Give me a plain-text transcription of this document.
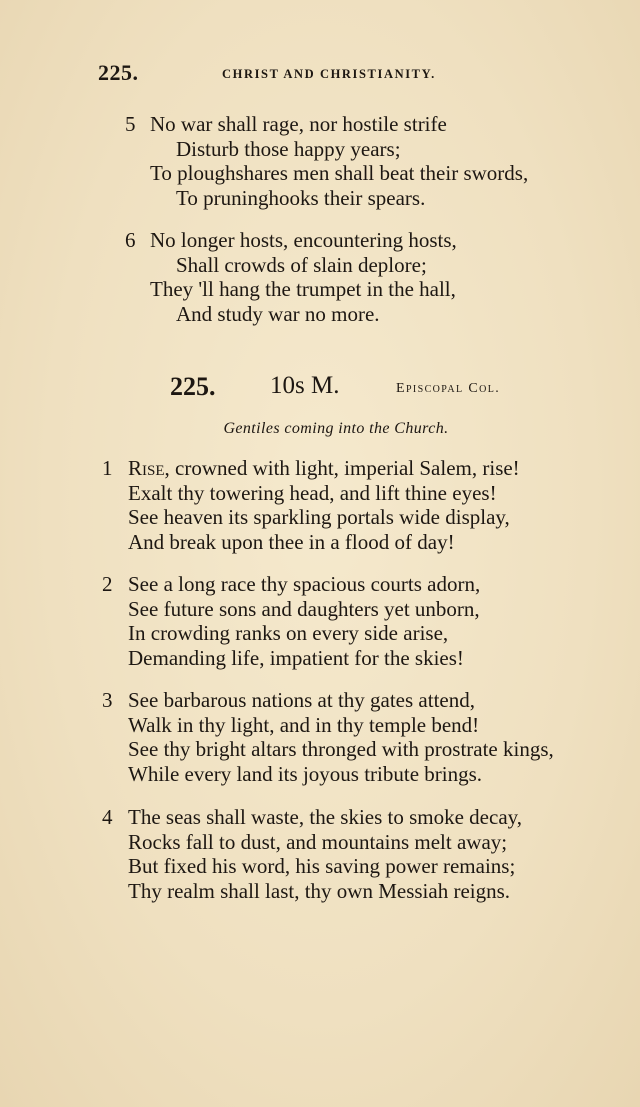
225.	CHRIST AND CHRISTIANITY.
5 No war shall rage, nor hostile strife
Disturb those happy years;
To ploughshares men shall beat their swords,
To pruninghooks their spears.
6 No longer hosts, encountering hosts,
Shall crowds of slain deplore;
They 'll hang the trumpet in the hall,
And study war no more.
225. 10s M.	Episcopal Col.
Gentiles coming into the Church.
1 Rise, crowned with light, imperial Salem, rise!
Exalt thy towering head, and lift thine eyes!
See heaven its sparkling portals wide display,
And break upon thee in a flood of day!
2 See a long race thy spacious courts adorn,
See future sons and daughters yet unborn,
In crowding ranks on every side arise,
Demanding life, impatient for the skies!
3 See barbarous nations at thy gates attend,
Walk in thy light, and in thy temple bend!
See thy bright altars thronged with prostrate kings,
While every land its joyous tribute brings.
4 The seas shall waste, the skies to smoke decay,
Rocks fall to dust, and mountains melt away;
But fixed his word, his saving power remains;
Thy realm shall last, thy own Messiah reigns.
